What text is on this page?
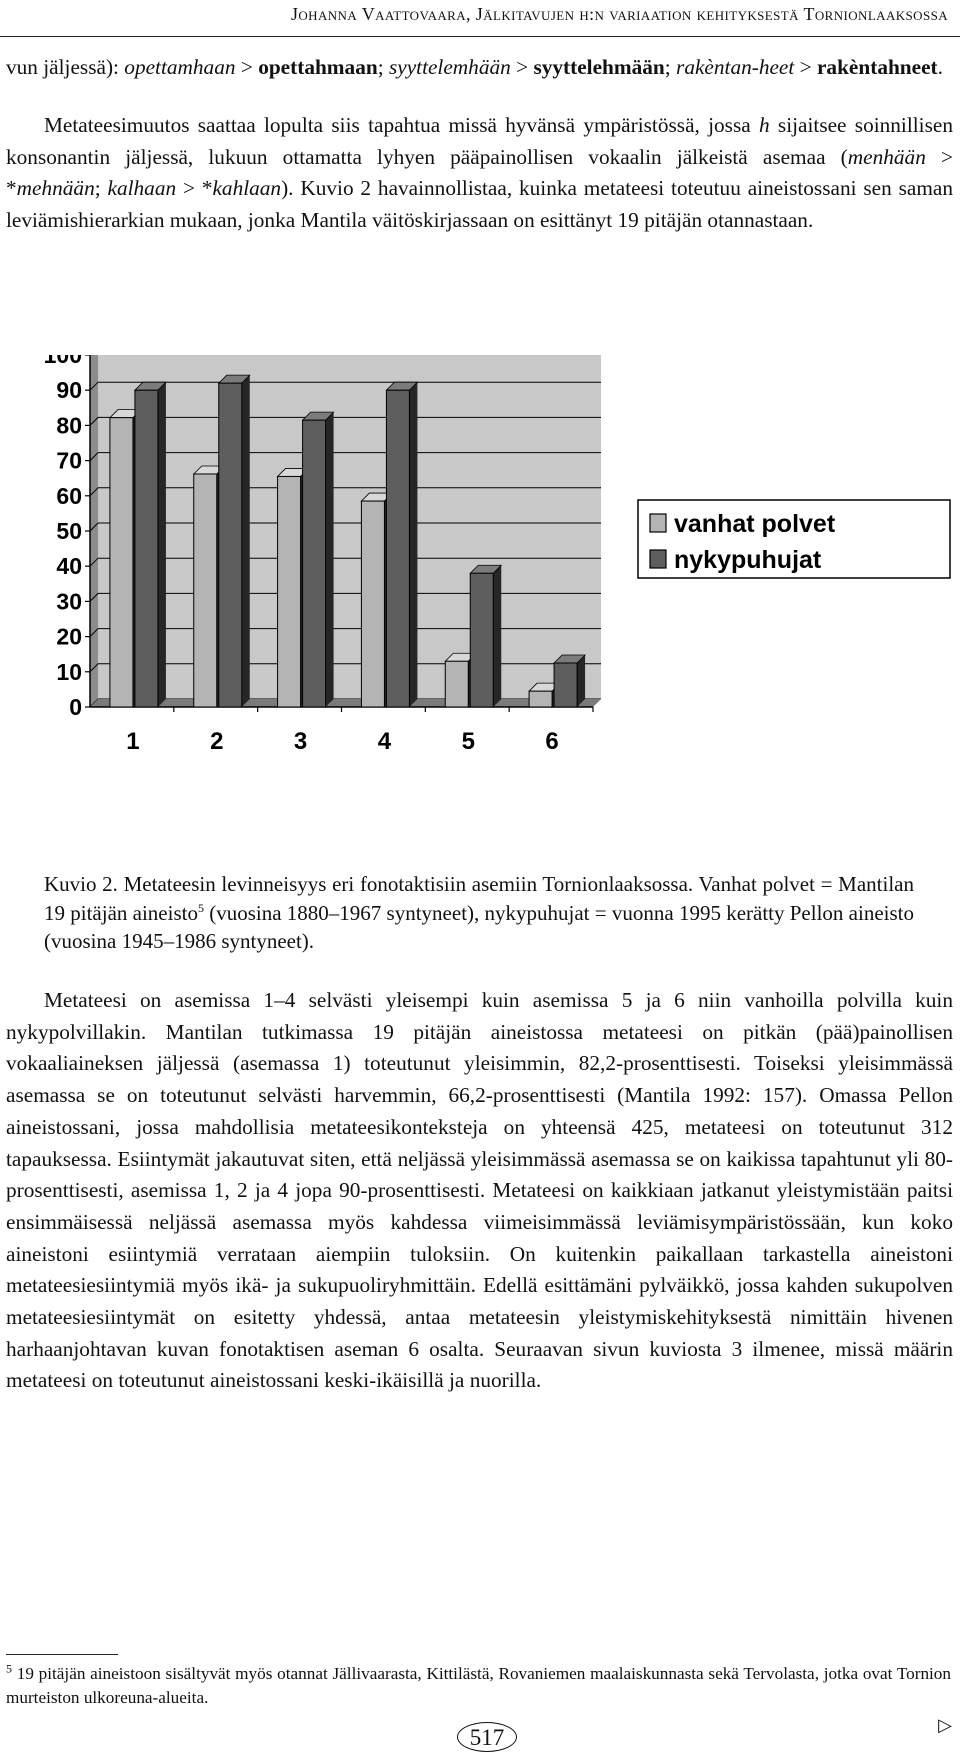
Johanna Vaattovaara, Jälkitavujen h:n variaation kehityksestä Tornionlaaksossa

vun jäljessä): opettamhaan > opettahmaan; syyttelemhään > syyttelehmään; rakèntan-heet > rakèntahneet.

Metateesimuutos saattaa lopulta siis tapahtua missä hyvänsä ympäristössä, jossa h sijaitsee soinnillisen konsonantin jäljessä, lukuun ottamatta lyhyen pääpainollisen vokaalin jälkeistä asemaa (menhään > *mehnään; kalhaan > *kahlaan). Kuvio 2 havainnollistaa, kuinka metateesi toteutuu aineistossani sen saman leviämishierarkian mukaan, jonka Mantila väitöskirjassaan on esittänyt 19 pitäjän otannastaan.

0
10
20
30
40
50
60
70
80
90
100
1	2	3	4	5	6
vanhat polvet
nykypuhujat
Kuvio 2. Metateesin levinneisyys eri fonotaktisiin asemiin Tornionlaaksossa. Vanhat polvet = Mantilan 19 pitäjän aineisto$^5$ (vuosina 1880–1967 syntyneet), nykypuhujat = vuonna 1995 kerätty Pellon aineisto (vuosina 1945–1986 syntyneet).

Metateesi on asemissa 1–4 selvästi yleisempi kuin asemissa 5 ja 6 niin vanhoilla polvilla kuin nykypolvillakin. Mantilan tutkimassa 19 pitäjän aineistossa metateesi on pitkän (pää)painollisen vokaaliaineksen jäljessä (asemassa 1) toteutunut yleisimmin, 82,2-prosenttisesti. Toiseksi yleisimmässä asemassa se on toteutunut selvästi harvemmin, 66,2-prosenttisesti (Mantila 1992: 157). Omassa Pellon aineistossani, jossa mahdollisia metateesikonteksteja on yhteensä 425, metateesi on toteutunut 312 tapauksessa. Esiintymät jakautuvat siten, että neljässä yleisimmässä asemassa se on kaikissa tapahtunut yli 80-prosenttisesti, asemissa 1, 2 ja 4 jopa 90-prosenttisesti. Metateesi on kaikkiaan jatkanut yleistymistään paitsi ensimmäisessä neljässä asemassa myös kahdessa viimeisimmässä leviämisympäristössään, kun koko aineistoni esiintymiä verrataan aiempiin tuloksiin. On kuitenkin paikallaan tarkastella aineistoni metateesiesiintymiä myös ikä- ja sukupuoliryhmittäin. Edellä esittämäni pylväikkö, jossa kahden sukupolven metateesiesiintymät on esitetty yhdessä, antaa metateesin yleistymiskehityksestä nimittäin hivenen harhaanjohtavan kuvan fonotaktisen aseman 6 osalta. Seuraavan sivun kuviosta 3 ilmenee, missä määrin metateesi on toteutunut aineistossani keski-ikäisillä ja nuorilla.

$^5$ 19 pitäjän aineistoon sisältyvät myös otannat Jällivaarasta, Kittilästä, Rovaniemen maalaiskunnasta sekä Tervolasta, jotka ovat Tornion murteiston ulkoreuna-alueita.
▷
517
